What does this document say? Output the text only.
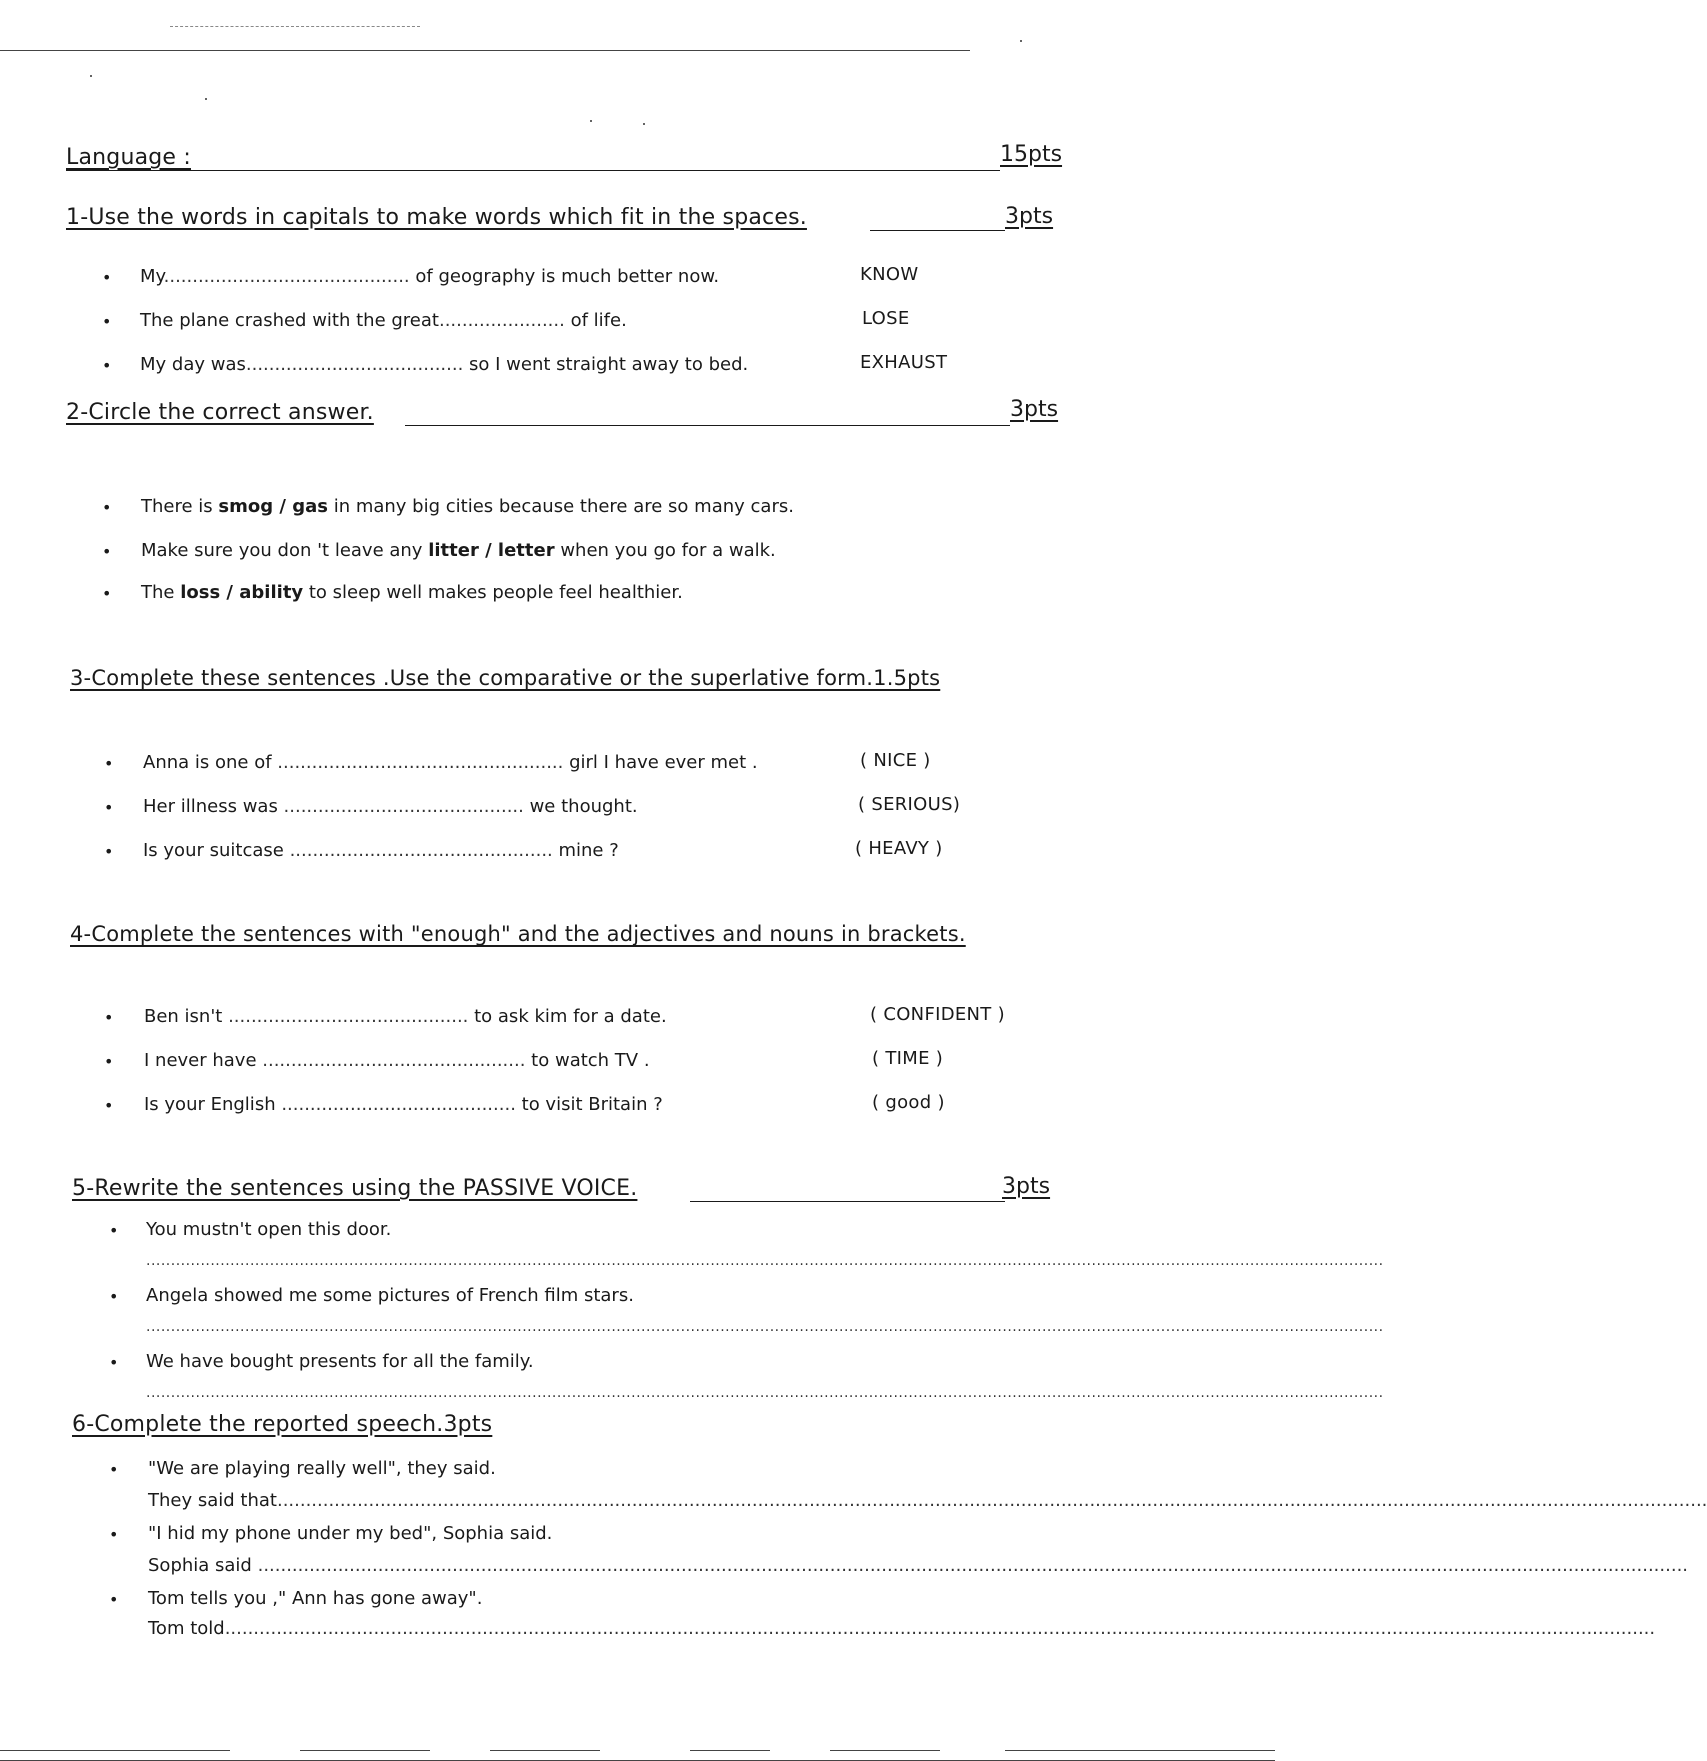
Language :	15pts
1-Use the words in capitals to make words which fit in the spaces.	3pts
• My........................................... of geography is much better now.	KNOW
• The plane crashed with the great...................... of life.	LOSE
• My day was...................................... so I went straight away to bed.	EXHAUST
2-Circle the correct answer.	3pts
• There is smog / gas in many big cities because there are so many cars.
• Make sure you don 't leave any litter / letter when you go for a walk.
• The loss / ability to sleep well makes people feel healthier.
3-Complete these sentences .Use the comparative or the superlative form.1.5pts
• Anna is one of .................................................. girl I have ever met .	( NICE )
• Her illness was .......................................... we thought.	( SERIOUS)
• Is your suitcase .............................................. mine ?	( HEAVY )
4-Complete the sentences with "enough" and the adjectives and nouns in brackets.
• Ben isn't .......................................... to ask kim for a date.	( CONFIDENT )
• I never have .............................................. to watch TV .	( TIME )
• Is your English ......................................... to visit Britain ?	( good )
5-Rewrite the sentences using the PASSIVE VOICE.	3pts
• You mustn't open this door.
..........................................................................................................................................................................................................................................................
• Angela showed me some pictures of French film stars.
..........................................................................................................................................................................................................................................................
• We have bought presents for all the family.
..........................................................................................................................................................................................................................................................
6-Complete the reported speech.3pts
• "We are playing really well", they said.
They said that..........................................................................................................................................................................................................................................................
• "I hid my phone under my bed", Sophia said.
Sophia said ..........................................................................................................................................................................................................................................................
• Tom tells you ," Ann has gone away".
Tom told..........................................................................................................................................................................................................................................................
